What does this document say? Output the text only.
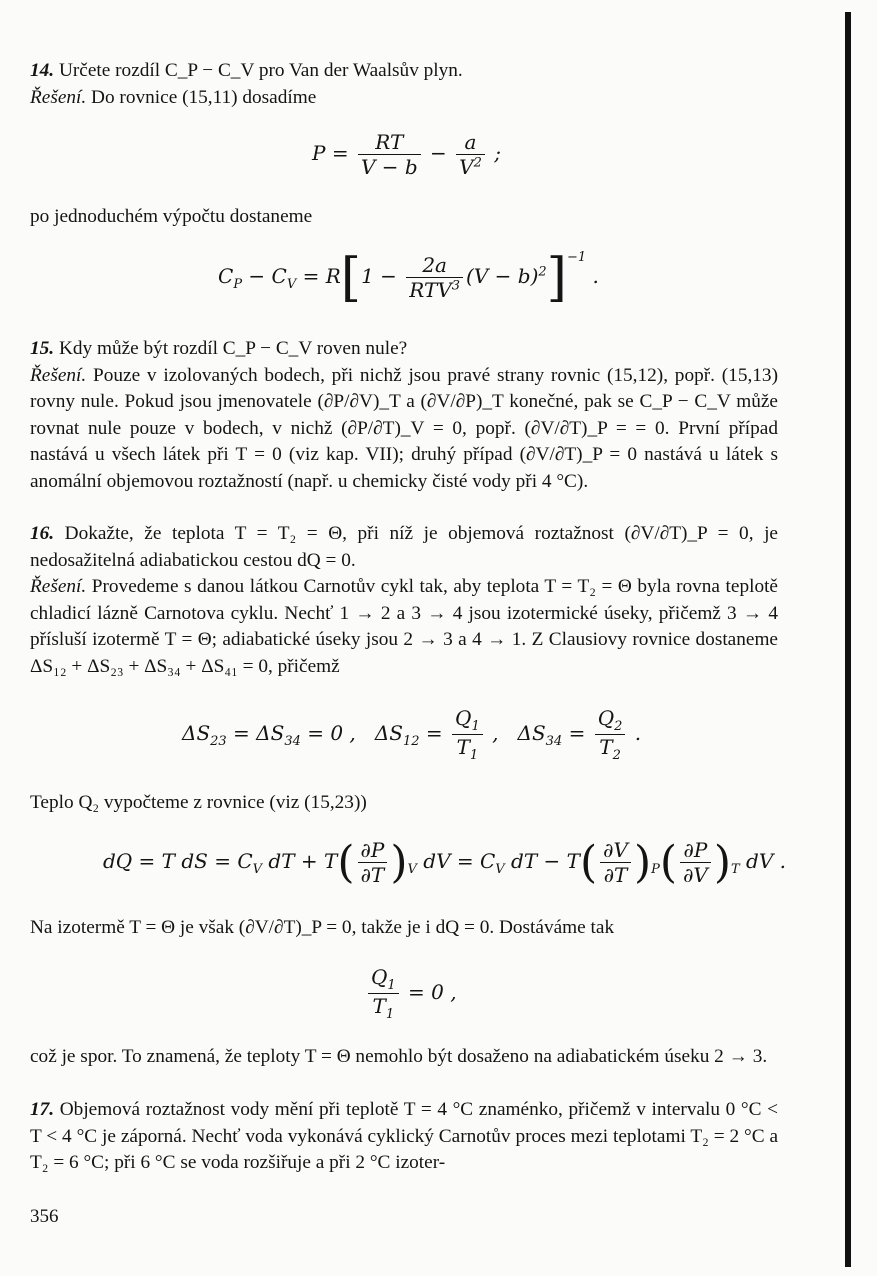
14. Určete rozdíl C_P − C_V pro Van der Waalsův plyn.

Řešení. Do rovnice (15,11) dosadíme

$P = \frac{RT}{V - b} - \frac{a}{V^2}$ ;

po jednoduchém výpočtu dostaneme

$C_P - C_V = R[1 - \frac{2a}{RTV^3} (V - b)^2]^{-1}$ .

15. Kdy může být rozdíl C_P − C_V roven nule?

Řešení. Pouze v izolovaných bodech, při nichž jsou pravé strany rovnic (15,12), popř. (15,13) rovny nule. Pokud jsou jmenovatele (∂P/∂V)_T a (∂V/∂P)_T konečné, pak se C_P − C_V může rovnat nule pouze v bodech, v nichž (∂P/∂T)_V = 0, popř. (∂V/∂T)_P = = 0. První případ nastává u všech látek při T = 0 (viz kap. VII); druhý případ (∂V/∂T)_P = 0 nastává u látek s anomální objemovou roztažností (např. u chemicky čisté vody při 4 °C).

16. Dokažte, že teplota T = T₂ = Θ, při níž je objemová roztažnost (∂V/∂T)_P = 0, je nedosažitelná adiabatickou cestou dQ = 0.

Řešení. Provedeme s danou látkou Carnotův cykl tak, aby teplota T = T₂ = Θ byla rovna teplotě chladicí lázně Carnotova cyklu. Nechť 1 → 2 a 3 → 4 jsou izotermické úseky, přičemž 3 → 4 přísluší izotermě T = Θ; adiabatické úseky jsou 2 → 3 a 4 → 1. Z Clausiovy rovnice dostaneme ΔS₁₂ + ΔS₂₃ + ΔS₃₄ + ΔS₄₁ = 0, přičemž

$\Delta S_{23} = \Delta S_{34} = 0$ ,   $\Delta S_{12} = \frac{Q_1}{T_1}$ ,   $\Delta S_{34} = \frac{Q_2}{T_2}$ .

Teplo Q₂ vypočteme z rovnice (viz (15,23))

dQ = T dS = $C_V$ dT + $T( \frac{\partial P}{\partial T} )_V$ dV = $C_V$ dT − $T( \frac{\partial V}{\partial T} )_P( \frac{\partial P}{\partial V} )_T$ dV .

Na izotermě T = Θ je však (∂V/∂T)_P = 0, takže je i dQ = 0. Dostáváme tak

$\frac{Q_1}{T_1} = 0$ ,

což je spor. To znamená, že teploty T = Θ nemohlo být dosaženo na adiabatickém úseku 2 → 3.

17. Objemová roztažnost vody mění při teplotě T = 4 °C znaménko, přičemž v intervalu 0 °C < T < 4 °C je záporná. Nechť voda vykonává cyklický Carnotův proces mezi teplotami T₂ = 2 °C a T₂ = 6 °C; při 6 °C se voda rozšiřuje a při 2 °C izoter-

356
